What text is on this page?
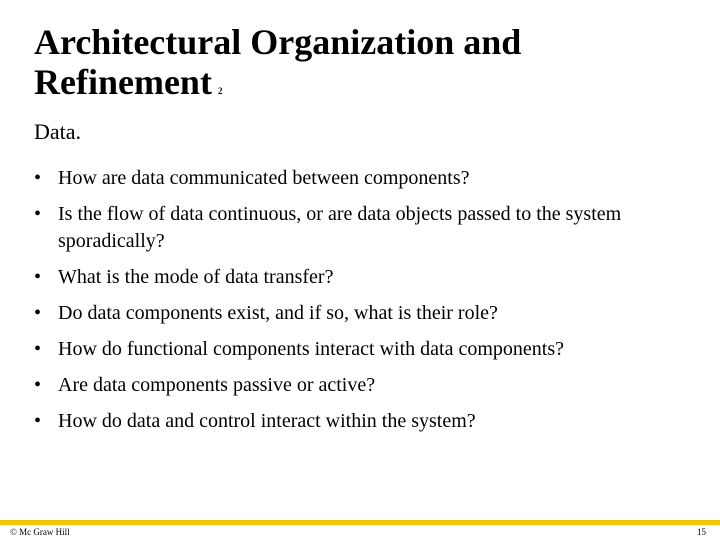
Architectural Organization and
Refinement 2
Data.
• How are data communicated between components?
• Is the flow of data continuous, or are data objects passed to the system sporadically?
• What is the mode of data transfer?
• Do data components exist, and if so, what is their role?
• How do functional components interact with data components?
• Are data components passive or active?
• How do data and control interact within the system?
© Mc Graw Hill	15
